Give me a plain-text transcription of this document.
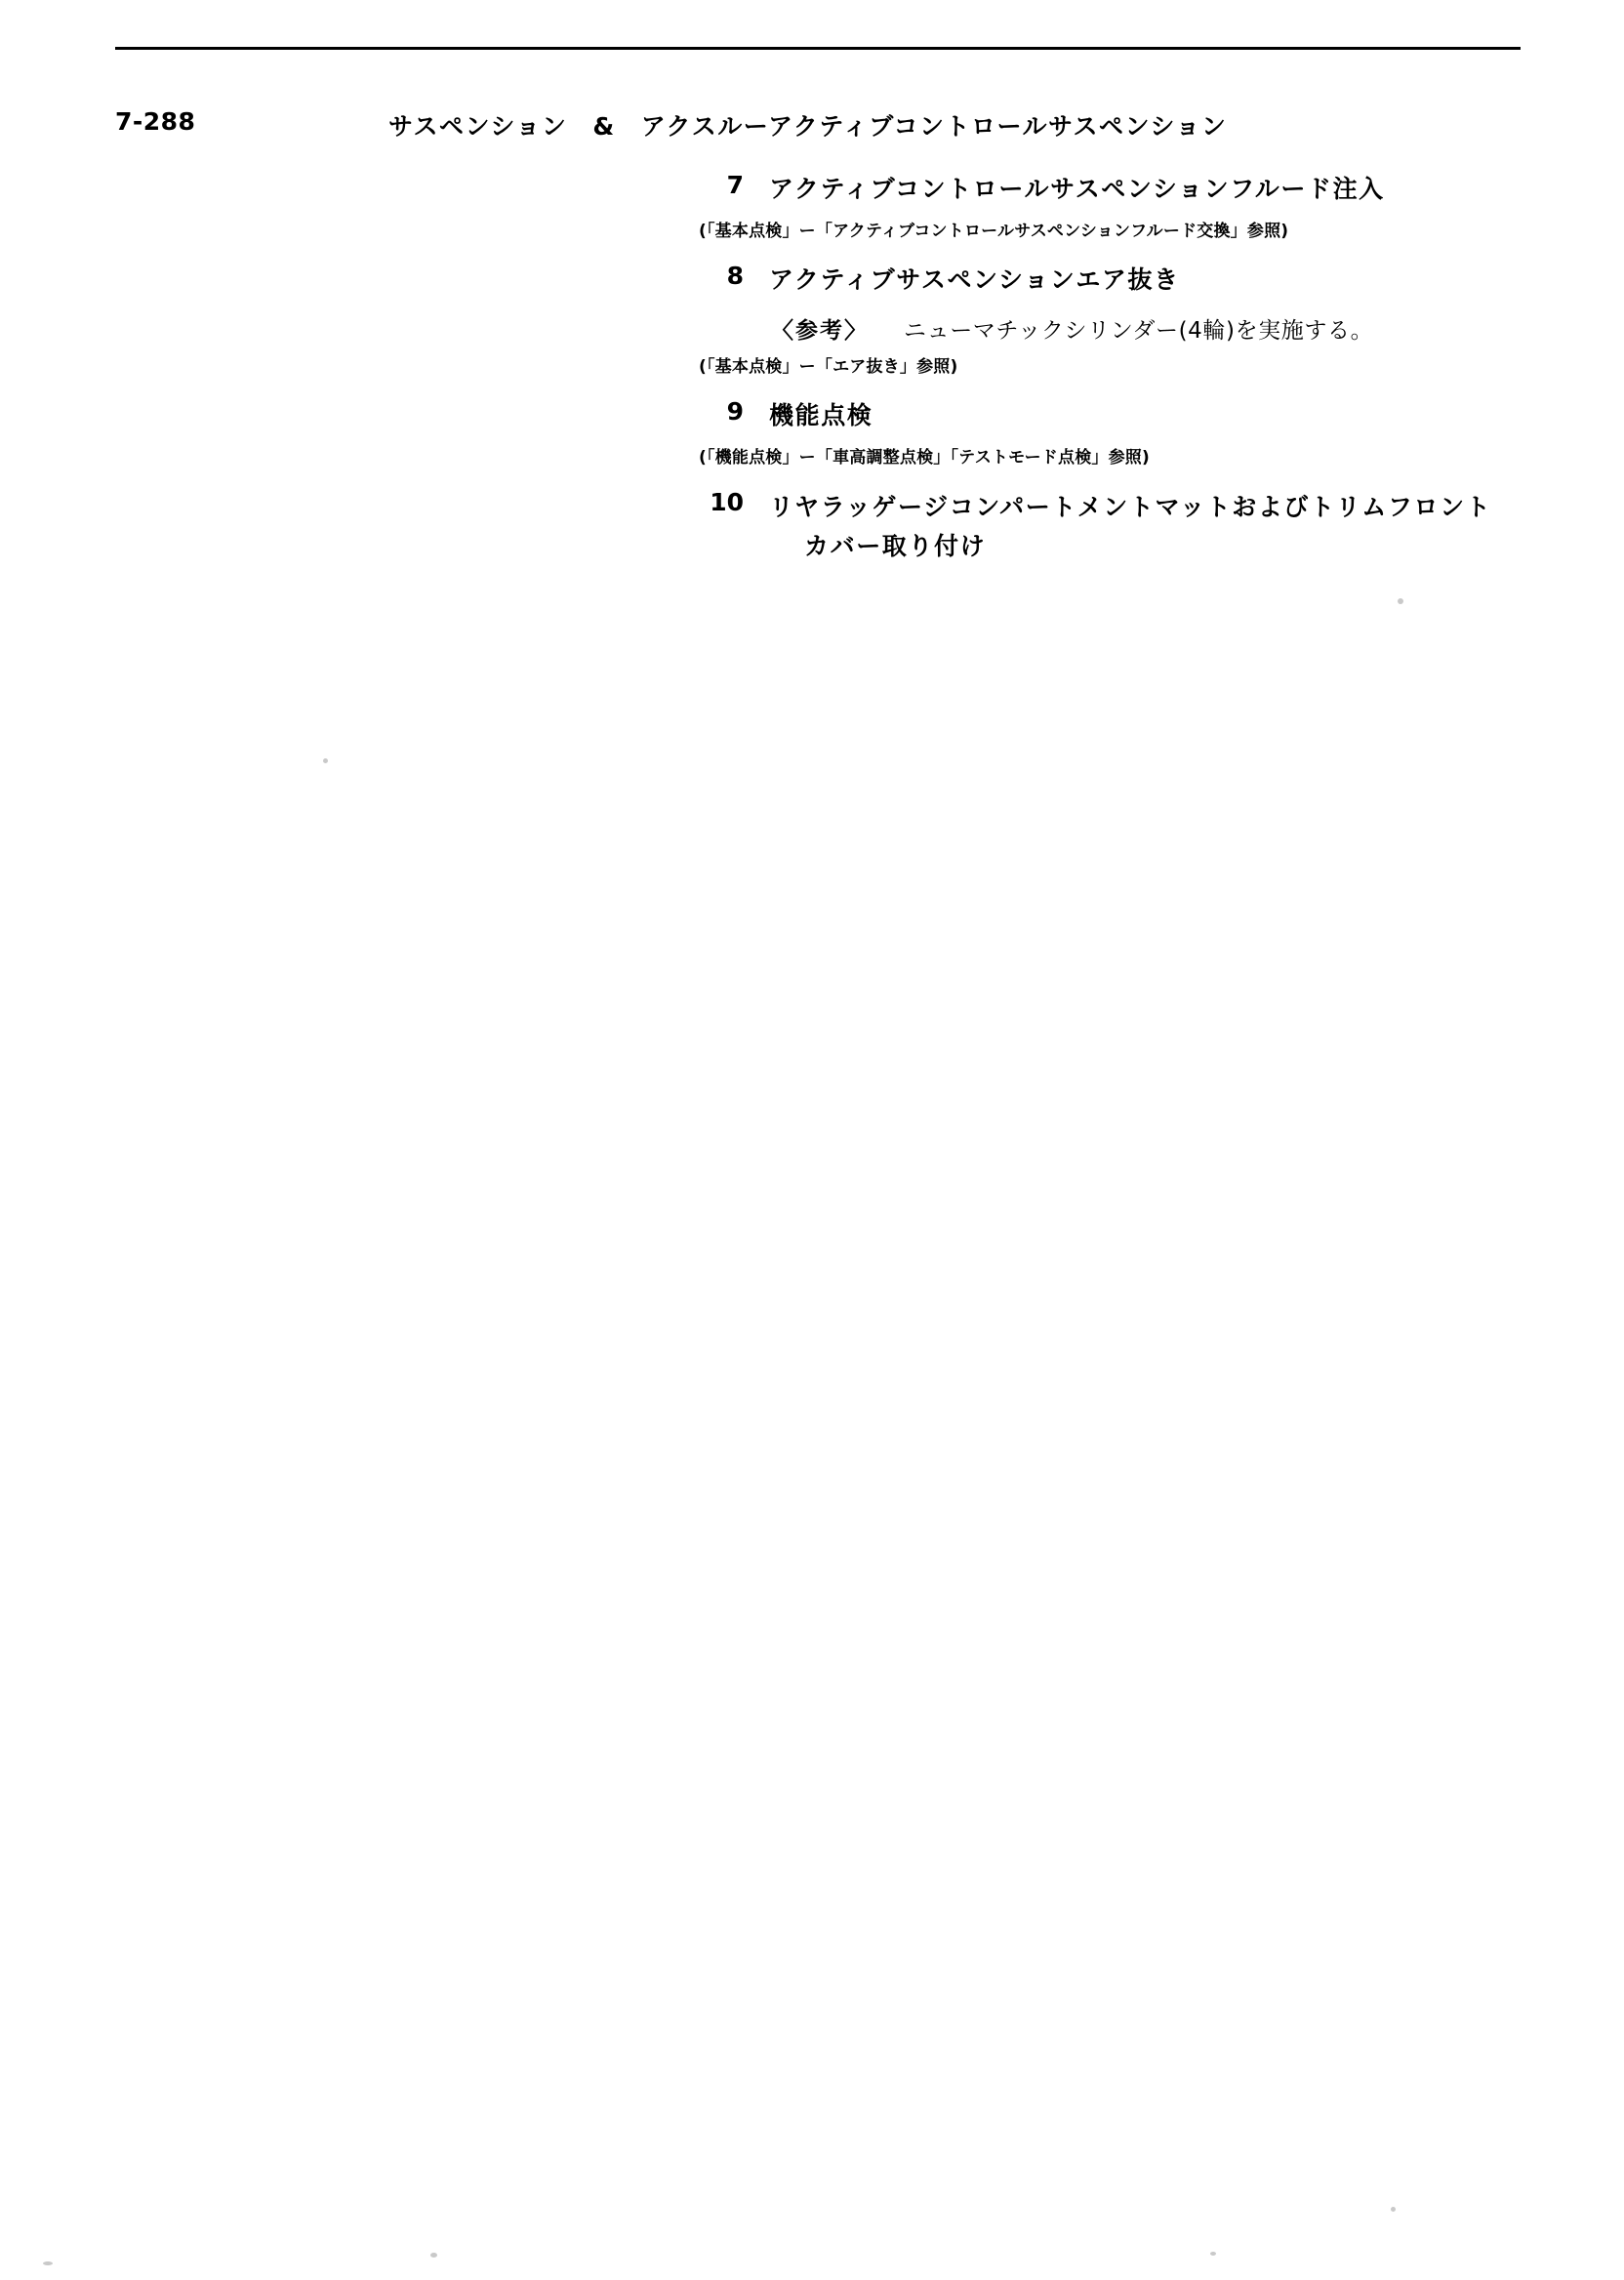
7-288	サスペンション & アクスルーアクティブコントロールサスペンション
7 アクティブコントロールサスペンションフルード注入
(「基本点検」ー「アクティブコントロールサスペンションフルード交換」参照)
8 アクティブサスペンションエア抜き
〈参考〉 ニューマチックシリンダー(4輪)を実施する。
(「基本点検」ー「エア抜き」参照)
9 機能点検
(「機能点検」ー「車高調整点検」「テストモード点検」参照)
10 リヤラッゲージコンパートメントマットおよびトリムフロント
カバー取り付け
